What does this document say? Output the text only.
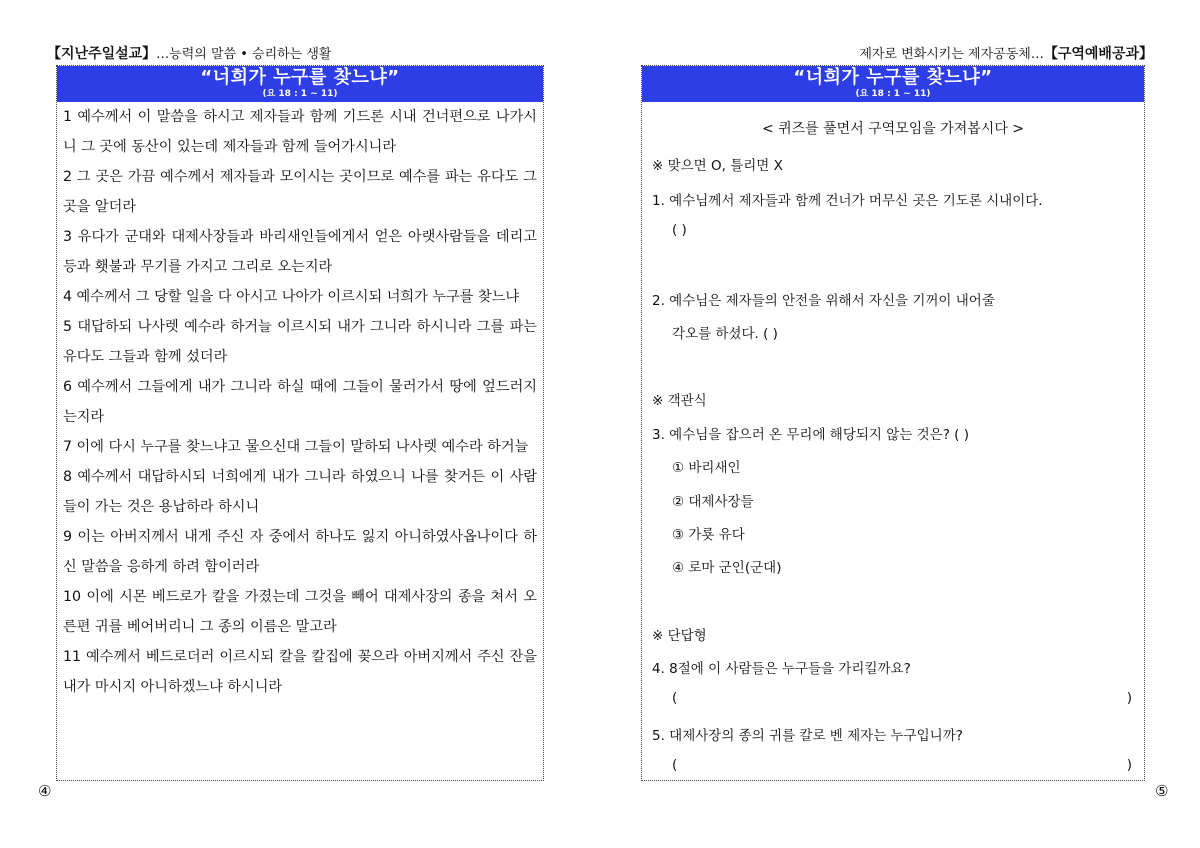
【지난주일설교】…능력의 말씀 • 승리하는 생활	제자로 변화시키는 제자공동체…【구역예배공과】
“너희가 누구를 찾느냐”
(요 18 : 1 ~ 11)
1 예수께서 이 말씀을 하시고 제자들과 함께 기드론 시내 건너편으로 나가시니 그 곳에 동산이 있는데 제자들과 함께 들어가시니라
2 그 곳은 가끔 예수께서 제자들과 모이시는 곳이므로 예수를 파는 유다도 그 곳을 알더라
3 유다가 군대와 대제사장들과 바리새인들에게서 얻은 아랫사람들을 데리고 등과 횃불과 무기를 가지고 그리로 오는지라
4 예수께서 그 당할 일을 다 아시고 나아가 이르시되 너희가 누구를 찾느냐
5 대답하되 나사렛 예수라 하거늘 이르시되 내가 그니라 하시니라 그를 파는 유다도 그들과 함께 섰더라
6 예수께서 그들에게 내가 그니라 하실 때에 그들이 물러가서 땅에 엎드러지는지라
7 이에 다시 누구를 찾느냐고 물으신대 그들이 말하되 나사렛 예수라 하거늘
8 예수께서 대답하시되 너희에게 내가 그니라 하였으니 나를 찾거든 이 사람들이 가는 것은 용납하라 하시니
9 이는 아버지께서 내게 주신 자 중에서 하나도 잃지 아니하였사옵나이다 하신 말씀을 응하게 하려 함이러라
10 이에 시몬 베드로가 칼을 가졌는데 그것을 빼어 대제사장의 종을 쳐서 오른편 귀를 베어버리니 그 종의 이름은 말고라
11 예수께서 베드로더러 이르시되 칼을 칼집에 꽂으라 아버지께서 주신 잔을 내가 마시지 아니하겠느냐 하시니라
④
“너희가 누구를 찾느냐”
(요 18 : 1 ~ 11)
< 퀴즈를 풀면서 구역모임을 가져봅시다 >
※ 맞으면 O, 틀리면 X
1. 예수님께서 제자들과 함께 건너가 머무신 곳은 기도론 시내이다.
( )
2. 예수님은 제자들의 안전을 위해서 자신을 기꺼이 내어줄
각오를 하셨다. ( )
※ 객관식
3. 예수님을 잡으러 온 무리에 해당되지 않는 것은? ( )
① 바리새인
② 대제사장들
③ 가룟 유다
④ 로마 군인(군대)
※ 단답형
4. 8절에 이 사람들은 누구들을 가리킬까요?
(	)
5. 대제사장의 종의 귀를 칼로 벤 제자는 누구입니까?
(	)
⑤
